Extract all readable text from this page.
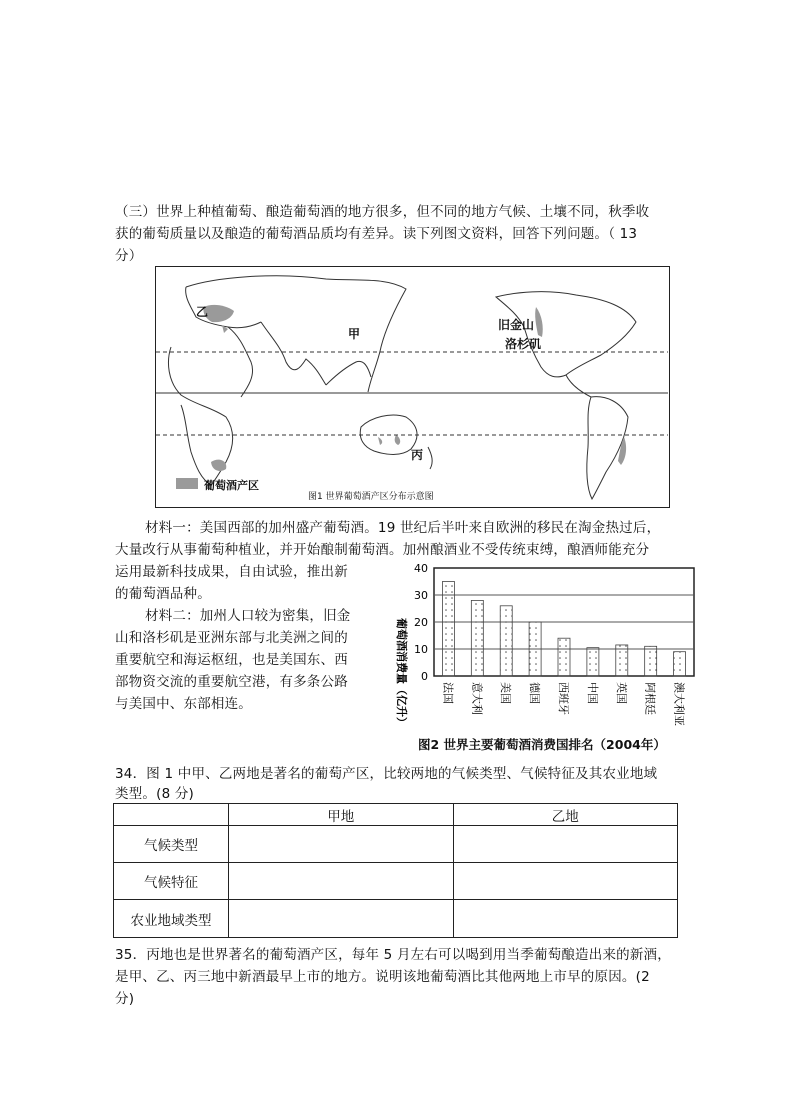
（三）世界上种植葡萄、酿造葡萄酒的地方很多，但不同的地方气候、土壤不同，秋季收
获的葡萄质量以及酿造的葡萄酒品质均有差异。读下列图文资料，回答下列问题。（ 13
分）
乙
甲
旧金山
洛杉矶
丙
葡萄酒产区
图1 世界葡萄酒产区分布示意图
材料一：美国西部的加州盛产葡萄酒。19 世纪后半叶来自欧洲的移民在淘金热过后，
大量改行从事葡萄种植业，并开始酿制葡萄酒。加州酿酒业不受传统束缚，酿酒师能充分
运用最新科技成果，自由试验，推出新
的葡萄酒品种。
材料二：加州人口较为密集，旧金
山和洛杉矶是亚洲东部与北美洲之间的
重要航空和海运枢纽，也是美国东、西
部物资交流的重要航空港，有多条公路
与美国中、东部相连。	葡萄酒消费量（亿升） 0
10
20
30
40
法国 意大利 美国 德国 西班牙 中国 英国 阿根廷 澳大利亚
图2 世界主要葡萄酒消费国排名（2004年）
34．图 1 中甲、乙两地是著名的葡萄产区，比较两地的气候类型、气候特征及其农业地域
类型。(8 分)
	甲地	乙地
气候类型		
气候特征		
农业地域类型		
35．丙地也是世界著名的葡萄酒产区，每年 5 月左右可以喝到用当季葡萄酿造出来的新酒，
是甲、乙、丙三地中新酒最早上市的地方。说明该地葡萄酒比其他两地上市早的原因。(2
分)
